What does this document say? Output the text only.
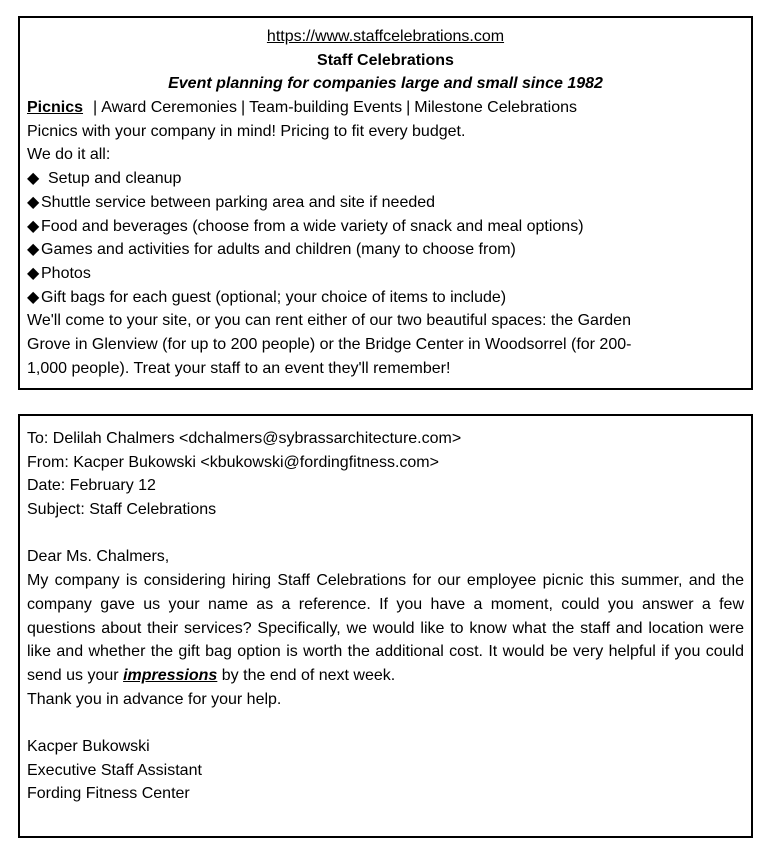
https://www.staffcelebrations.com
Staff Celebrations
Event planning for companies large and small since 1982
Picnics | Award Ceremonies | Team-building Events | Milestone Celebrations
Picnics with your company in mind! Pricing to fit every budget.
We do it all:
◆ Setup and cleanup
◆ Shuttle service between parking area and site if needed
◆ Food and beverages (choose from a wide variety of snack and meal options)
◆ Games and activities for adults and children (many to choose from)
◆ Photos
◆ Gift bags for each guest (optional; your choice of items to include)
We'll come to your site, or you can rent either of our two beautiful spaces: the Garden
Grove in Glenview (for up to 200 people) or the Bridge Center in Woodsorrel (for 200-
1,000 people). Treat your staff to an event they'll remember!
To: Delilah Chalmers <dchalmers@sybrassarchitecture.com>
From: Kacper Bukowski <kbukowski@fordingfitness.com>
Date: February 12
Subject: Staff Celebrations
Dear Ms. Chalmers,

My company is considering hiring Staff Celebrations for our employee picnic this summer, and the company gave us your name as a reference. If you have a moment, could you answer a few questions about their services? Specifically, we would like to know what the staff and location were like and whether the gift bag option is worth the additional cost. It would be very helpful if you could send us your impressions by the end of next week.

Thank you in advance for your help.
Kacper Bukowski
Executive Staff Assistant
Fording Fitness Center
